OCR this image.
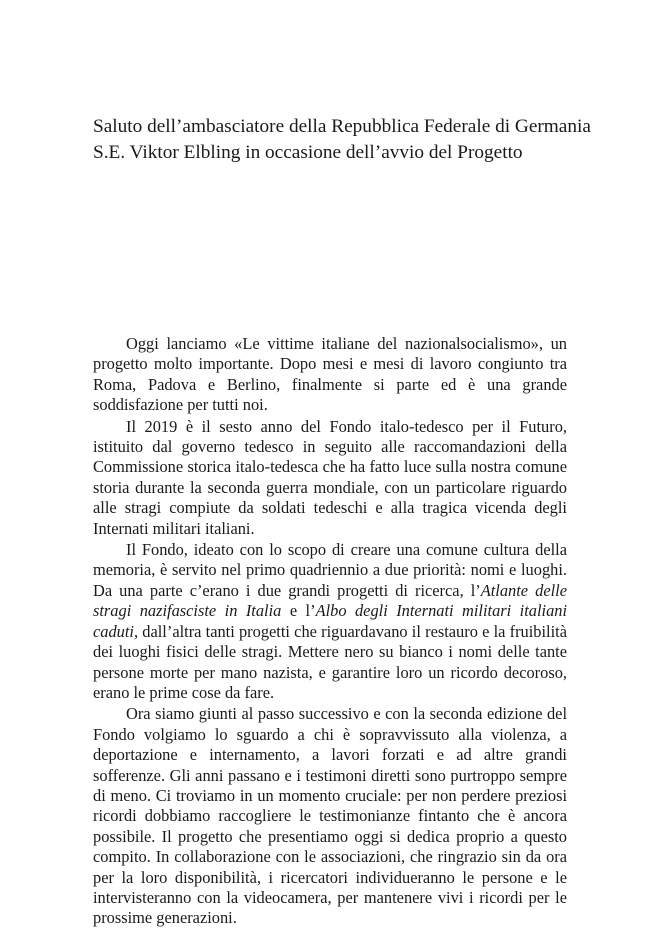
Saluto dell’ambasciatore della Repubblica Federale di Germania
S.E. Viktor Elbling in occasione dell’avvio del Progetto

Oggi lanciamo «Le vittime italiane del nazionalsocialismo», un progetto molto importante. Dopo mesi e mesi di lavoro congiunto tra Roma, Padova e Berlino, finalmente si parte ed è una grande soddisfazione per tutti noi.

Il 2019 è il sesto anno del Fondo italo-tedesco per il Futuro, istituito dal governo tedesco in seguito alle raccomandazioni della Commissione storica italo-tedesca che ha fatto luce sulla nostra comune storia durante la seconda guerra mondiale, con un particolare riguardo alle stragi compiute da soldati tedeschi e alla tragica vicenda degli Internati militari italiani.

Il Fondo, ideato con lo scopo di creare una comune cultura della memoria, è servito nel primo quadriennio a due priorità: nomi e luoghi. Da una parte c’erano i due grandi progetti di ricerca, l’Atlante delle stragi nazifasciste in Italia e l’Albo degli Internati militari italiani caduti, dall’altra tanti progetti che riguardavano il restauro e la fruibilità dei luoghi fisici delle stragi. Mettere nero su bianco i nomi delle tante persone morte per mano nazista, e garantire loro un ricordo decoroso, erano le prime cose da fare.

Ora siamo giunti al passo successivo e con la seconda edizione del Fondo volgiamo lo sguardo a chi è sopravvissuto alla violenza, a deportazione e internamento, a lavori forzati e ad altre grandi sofferenze. Gli anni passano e i testimoni diretti sono purtroppo sempre di meno. Ci troviamo in un momento cruciale: per non perdere preziosi ricordi dobbiamo raccogliere le testimonianze fintanto che è ancora possibile. Il progetto che presentiamo oggi si dedica proprio a questo compito. In collaborazione con le associazioni, che ringrazio sin da ora per la loro disponibilità, i ricercatori individueranno le persone e le intervisteranno con la videocamera, per mantenere vivi i ricordi per le prossime generazioni.
